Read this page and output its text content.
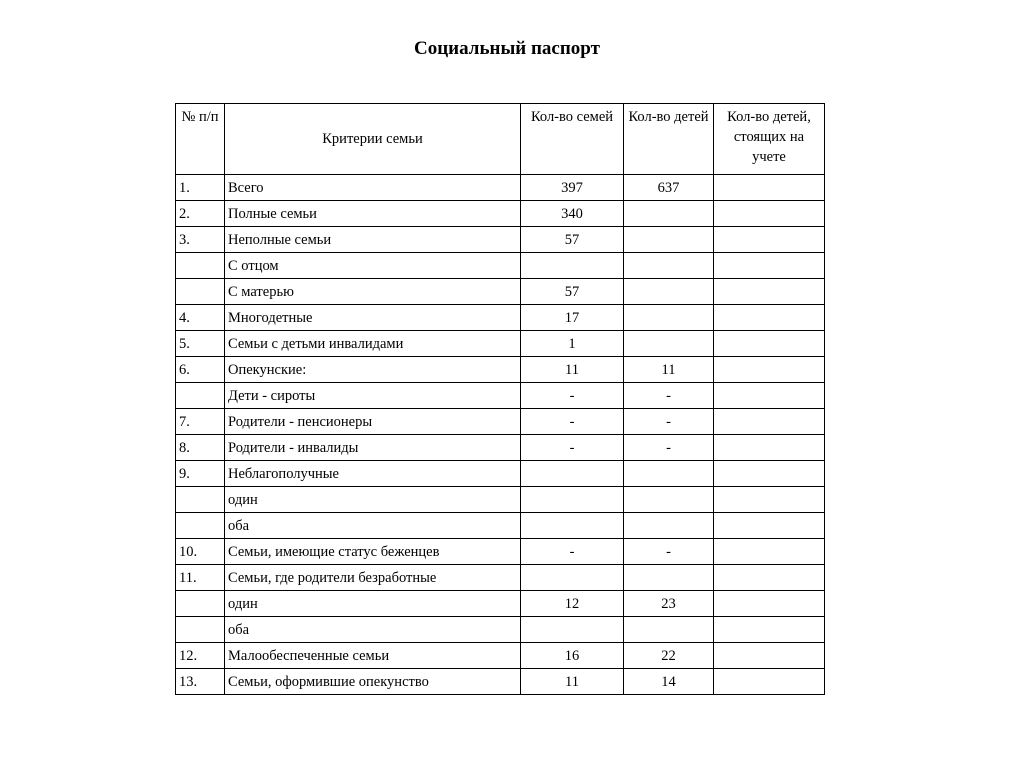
Социальный паспорт
№ п/п	Критерии семьи	Кол-во семей	Кол-во детей	Кол-во детей, стоящих на учете
1.	Всего	397	637	
2.	Полные семьи	340		
3.	Неполные семьи	57		
	С отцом			
	С матерью	57		
4.	Многодетные	17		
5.	Семьи с детьми инвалидами	1		
6.	Опекунские:	11	11	
	Дети - сироты	-	-	
7.	Родители - пенсионеры	-	-	
8.	Родители - инвалиды	-	-	
9.	Неблагополучные			
	один			
	оба			
10.	Семьи, имеющие статус беженцев	-	-	
11.	Семьи, где родители безработные			
	один	12	23	
	оба			
12.	Малообеспеченные семьи	16	22	
13.	Семьи, оформившие опекунство	11	14	
